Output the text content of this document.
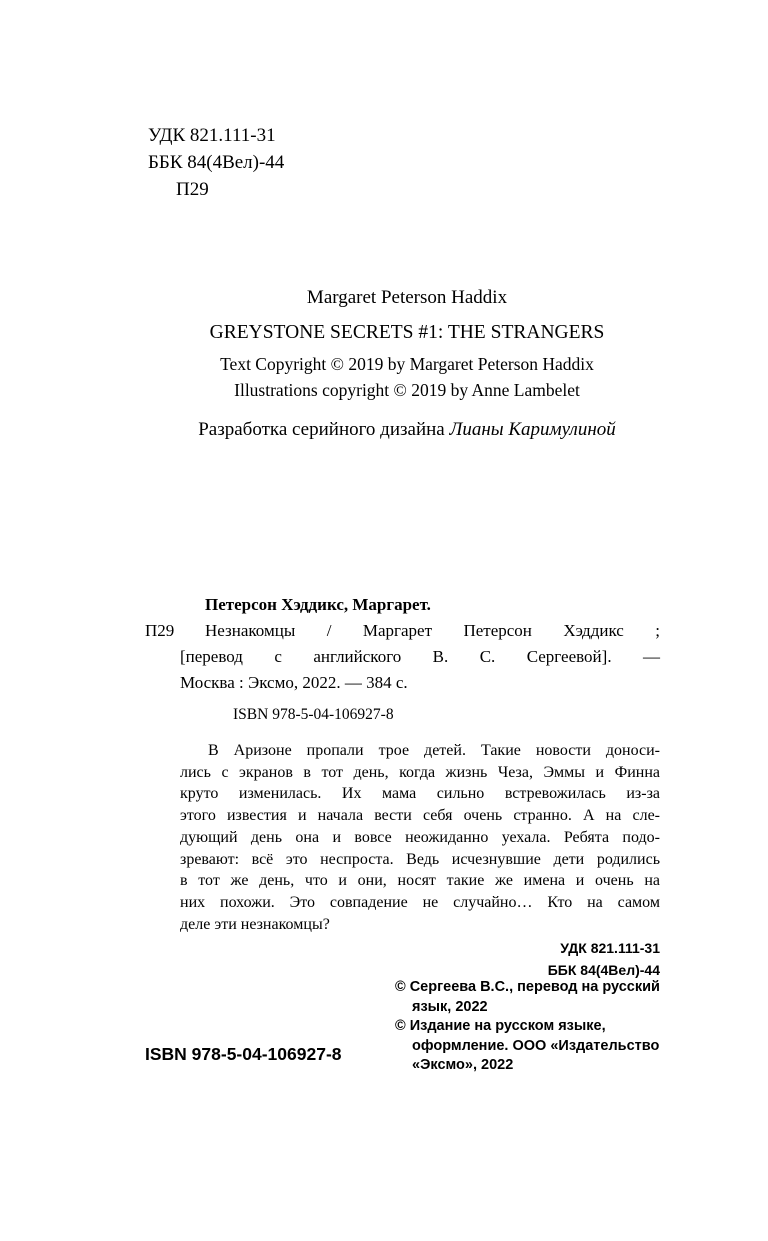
УДК 821.111-31
ББК 84(4Вел)-44
П29
Margaret Peterson Haddix
GREYSTONE SECRETS #1: THE STRANGERS
Text Copyright © 2019 by Margaret Peterson Haddix
Illustrations copyright © 2019 by Anne Lambelet
Разработка серийного дизайна Лианы Каримулиной
П29
Петерсон Хэддикс, Маргарет.
Незнакомцы / Маргарет Петерсон Хэддикс ;
[перевод с английского В. С. Сергеевой]. —
Москва : Эксмо, 2022. — 384 с.
ISBN 978-5-04-106927-8
В Аризоне пропали трое детей. Такие новости доноси-
лись с экранов в тот день, когда жизнь Чеза, Эммы и Финна
круто изменилась. Их мама сильно встревожилась из-за
этого известия и начала вести себя очень странно. А на сле-
дующий день она и вовсе неожиданно уехала. Ребята подо-
зревают: всё это неспроста. Ведь исчезнувшие дети родились
в тот же день, что и они, носят такие же имена и очень на
них похожи. Это совпадение не случайно… Кто на самом
деле эти незнакомцы?
УДК 821.111-31
ББК 84(4Вел)-44
© Сергеева В.С., перевод на русский
язык, 2022
© Издание на русском языке,
оформление. ООО «Издательство
«Эксмо», 2022
ISBN 978-5-04-106927-8
